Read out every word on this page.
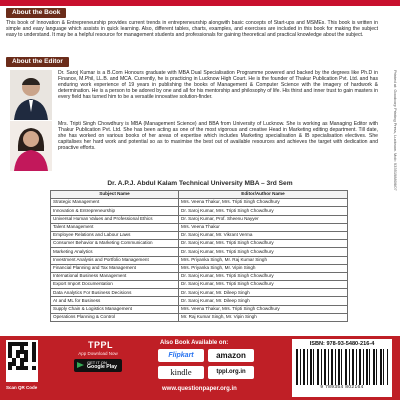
About the Book

This book of Innovation & Entrepreneurship provides current trends in entrepreneurship alongwith basic concepts of Start-ups and MSMEs. This book is written in simple and easy language which assists in quick learning. Also, different tables, charts, examples, and exercises are included in this book for making the subject easy to understand. It may be a helpful resource for management students and professionals for gaining theoretical and practical knowledge about the subject.

About the Editor

Dr. Saroj Kumar is a B.Com Honours graduate with MBA Dual Specialisation Programme powered and backed by the degrees like Ph.D in Finance, M.Phil, LL.B. and MCA. Currently, he is practicing in Lucknow High Court. He is the founder of Thakur Publication Pvt. Ltd. and has enduring work experience of 19 years in publishing the books of Management & Computer Science with the imagery of hardwork & determination. He is a person to be adored by one and all for his mentorship and philosophy of life. His thirst and inner trust to gain masters in every field has turned him to be a versatile innovative solution-finder.

Mrs. Tripti Singh Chowdhury is MBA (Management Science) and BBA from University of Lucknow. She is working as Managing Editor with Thakur Publication Pvt. Ltd. She has been acting as one of the most vigorous and creative Head in Marketing editing department. Till date, she has worked on various books of her areas of expertise which includes Marketing specialisation & IB specialisation electives. She capitalises her hard work and potential so as to maximise the best out of available resources and achieves the target with dedication and proactive efforts.	Printed at: Goodcorp Printing Press, Lucknow. Mob: 9335198806/07
Dr. A.P.J. Abdul Kalam Technical University MBA – 3rd Sem
Subject Name	Editor/Author Name
Strategic Management	Mrs. Veena Thakur, Mrs. Tripti Singh Chowdhury
Innovation & Entrepreneurship	Dr. Saroj Kumar, Mrs. Tripti Singh Chowdhury
Universal Human Values and Professional Ethics	Dr. Saroj Kumar, Prof. Sheenu Nayyer
Talent Management	Mrs. Veena Thakur
Employee Relations and Labour Laws	Dr. Saroj Kumar, Mr. Vikrant Verma
Consumer Behavior & Marketing Communication	Dr. Saroj Kumar, Mrs. Tripti Singh Chowdhury
Marketing Analytics	Dr. Saroj Kumar, Mrs. Tripti Singh Chowdhury
Investment Analysis and Portfolio Management	Mrs. Priyanka Singh, Mr. Raj Kumar Singh
Financial Planning and Tax Management	Mrs. Priyanka Singh, Mr. Vipin Singh
International Business Management	Dr. Saroj Kumar, Mrs. Tripti Singh Chowdhury
Export Import Documentation	Dr. Saroj Kumar, Mrs. Tripti Singh Chowdhury
Data Analytics For Business Decisions	Dr. Saroj Kumar, Mr. Dileep Singh
AI and ML for Business	Dr. Saroj Kumar, Mr. Dileep Singh
Supply Chain & Logistics Management	Mrs. Veena Thakur, Mrs. Tripti Singh Chowdhury
Operations Planning & Control	Mr. Raj Kumar Singh, Mr. Vipin Singh
Scan QR Code
TPPL
App Download Now
GET IT ON
Google Play
Also Book Available on:
Flipkart	amazon
kindle	tppl.org.in
www.questionpaper.org.in
ISBN: 978-93-5480-216-4
9 789354 802164
